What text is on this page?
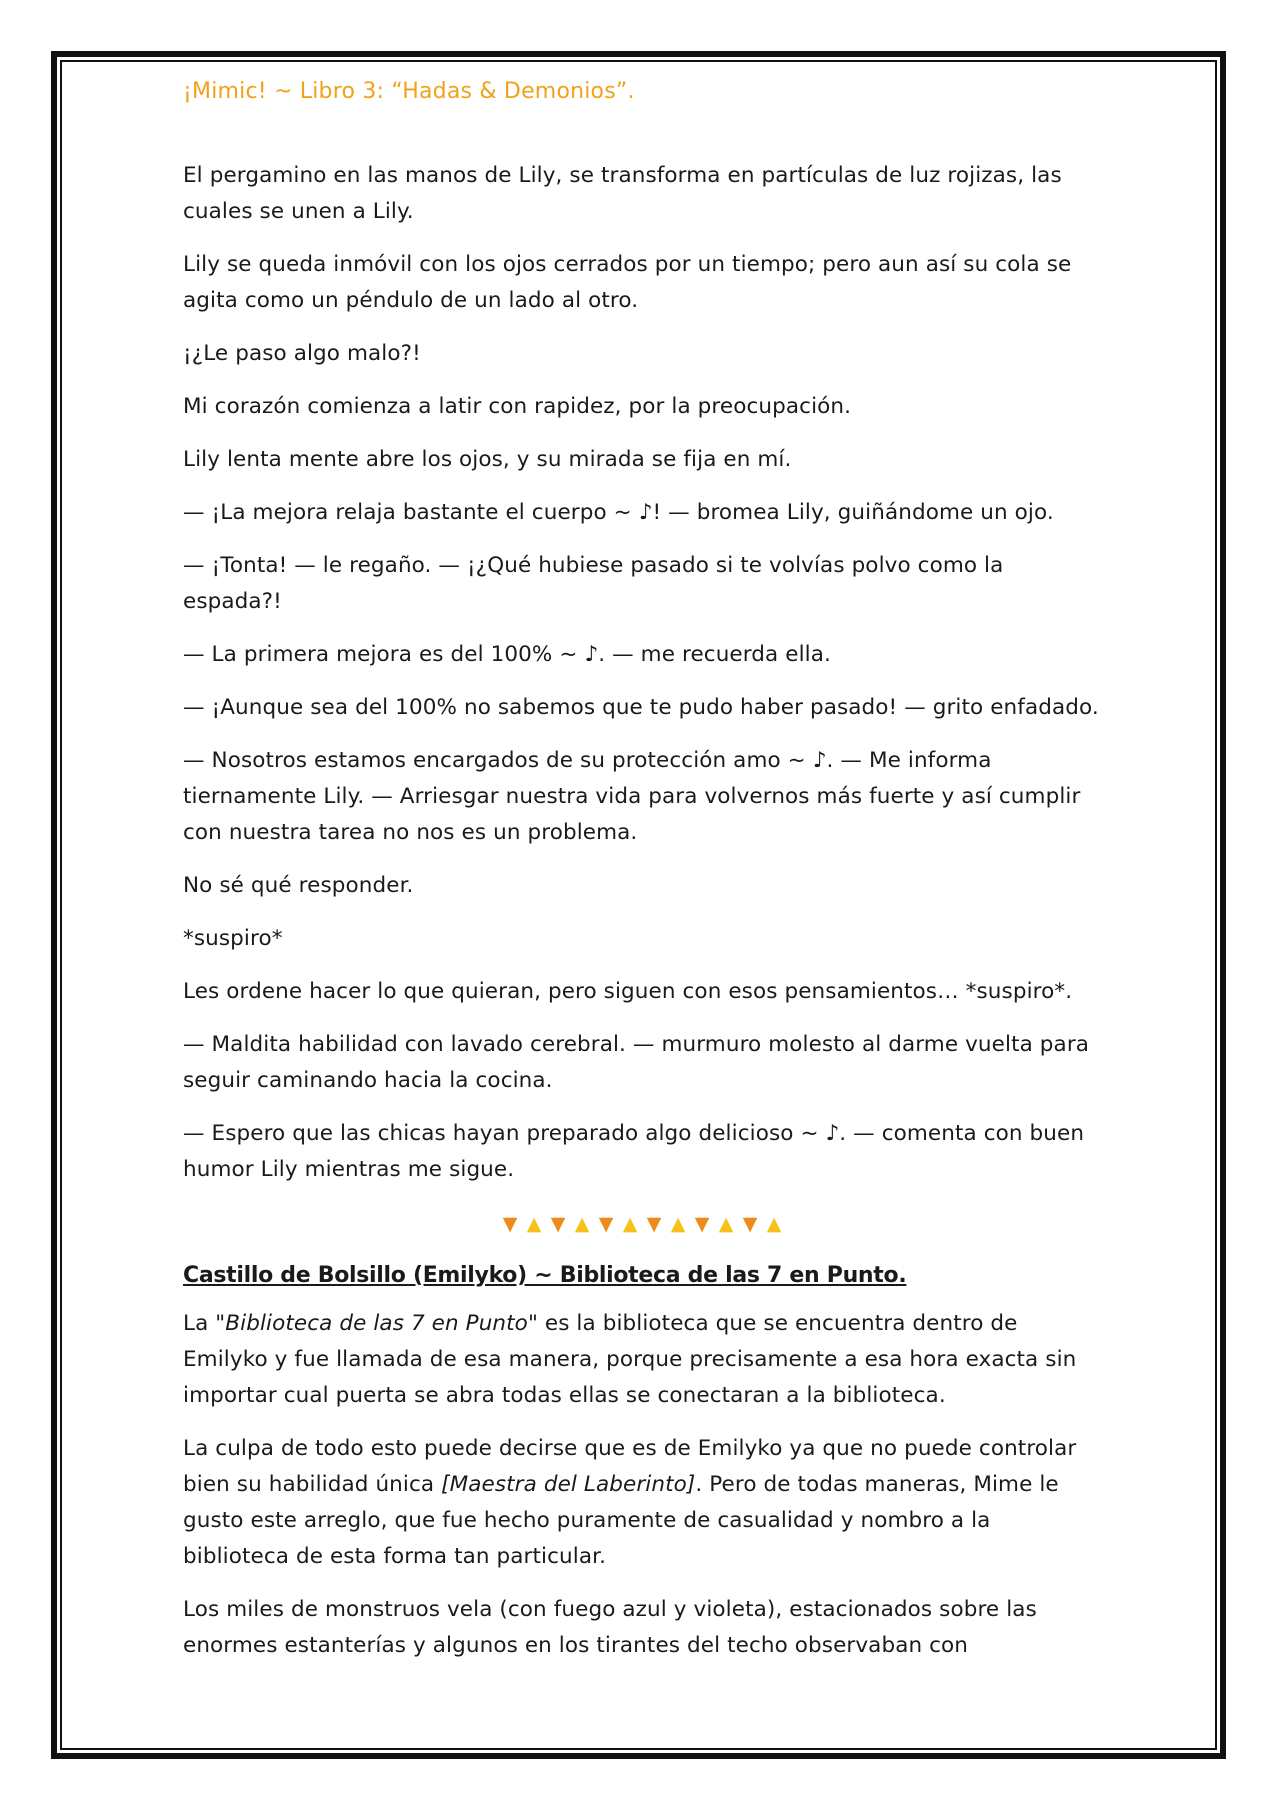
¡Mimic! ~ Libro 3: “Hadas & Demonios”.

El pergamino en las manos de Lily, se transforma en partículas de luz rojizas, las cuales se unen a Lily.

Lily se queda inmóvil con los ojos cerrados por un tiempo; pero aun así su cola se agita como un péndulo de un lado al otro.

¡¿Le paso algo malo?!

Mi corazón comienza a latir con rapidez, por la preocupación.

Lily lenta mente abre los ojos, y su mirada se fija en mí.

— ¡La mejora relaja bastante el cuerpo ~ ♪! — bromea Lily, guiñándome un ojo.

— ¡Tonta! — le regaño. — ¡¿Qué hubiese pasado si te volvías polvo como la espada?!

— La primera mejora es del 100% ~ ♪. — me recuerda ella.

— ¡Aunque sea del 100% no sabemos que te pudo haber pasado! — grito enfadado.

— Nosotros estamos encargados de su protección amo ~ ♪. — Me informa tiernamente Lily. — Arriesgar nuestra vida para volvernos más fuerte y así cumplir con nuestra tarea no nos es un problema.

No sé qué responder.

*suspiro*

Les ordene hacer lo que quieran, pero siguen con esos pensamientos… *suspiro*.

— Maldita habilidad con lavado cerebral. — murmuro molesto al darme vuelta para seguir caminando hacia la cocina.

— Espero que las chicas hayan preparado algo delicioso ~ ♪. — comenta con buen humor Lily mientras me sigue.

▼ ▲ ▼ ▲ ▼ ▲ ▼ ▲ ▼ ▲ ▼ ▲
Castillo de Bolsillo (Emilyko) ~ Biblioteca de las 7 en Punto.

La "Biblioteca de las 7 en Punto" es la biblioteca que se encuentra dentro de Emilyko y fue llamada de esa manera, porque precisamente a esa hora exacta sin importar cual puerta se abra todas ellas se conectaran a la biblioteca.

La culpa de todo esto puede decirse que es de Emilyko ya que no puede controlar bien su habilidad única [Maestra del Laberinto]. Pero de todas maneras, Mime le gusto este arreglo, que fue hecho puramente de casualidad y nombro a la biblioteca de esta forma tan particular.

Los miles de monstruos vela (con fuego azul y violeta), estacionados sobre las enormes estanterías y algunos en los tirantes del techo observaban con
